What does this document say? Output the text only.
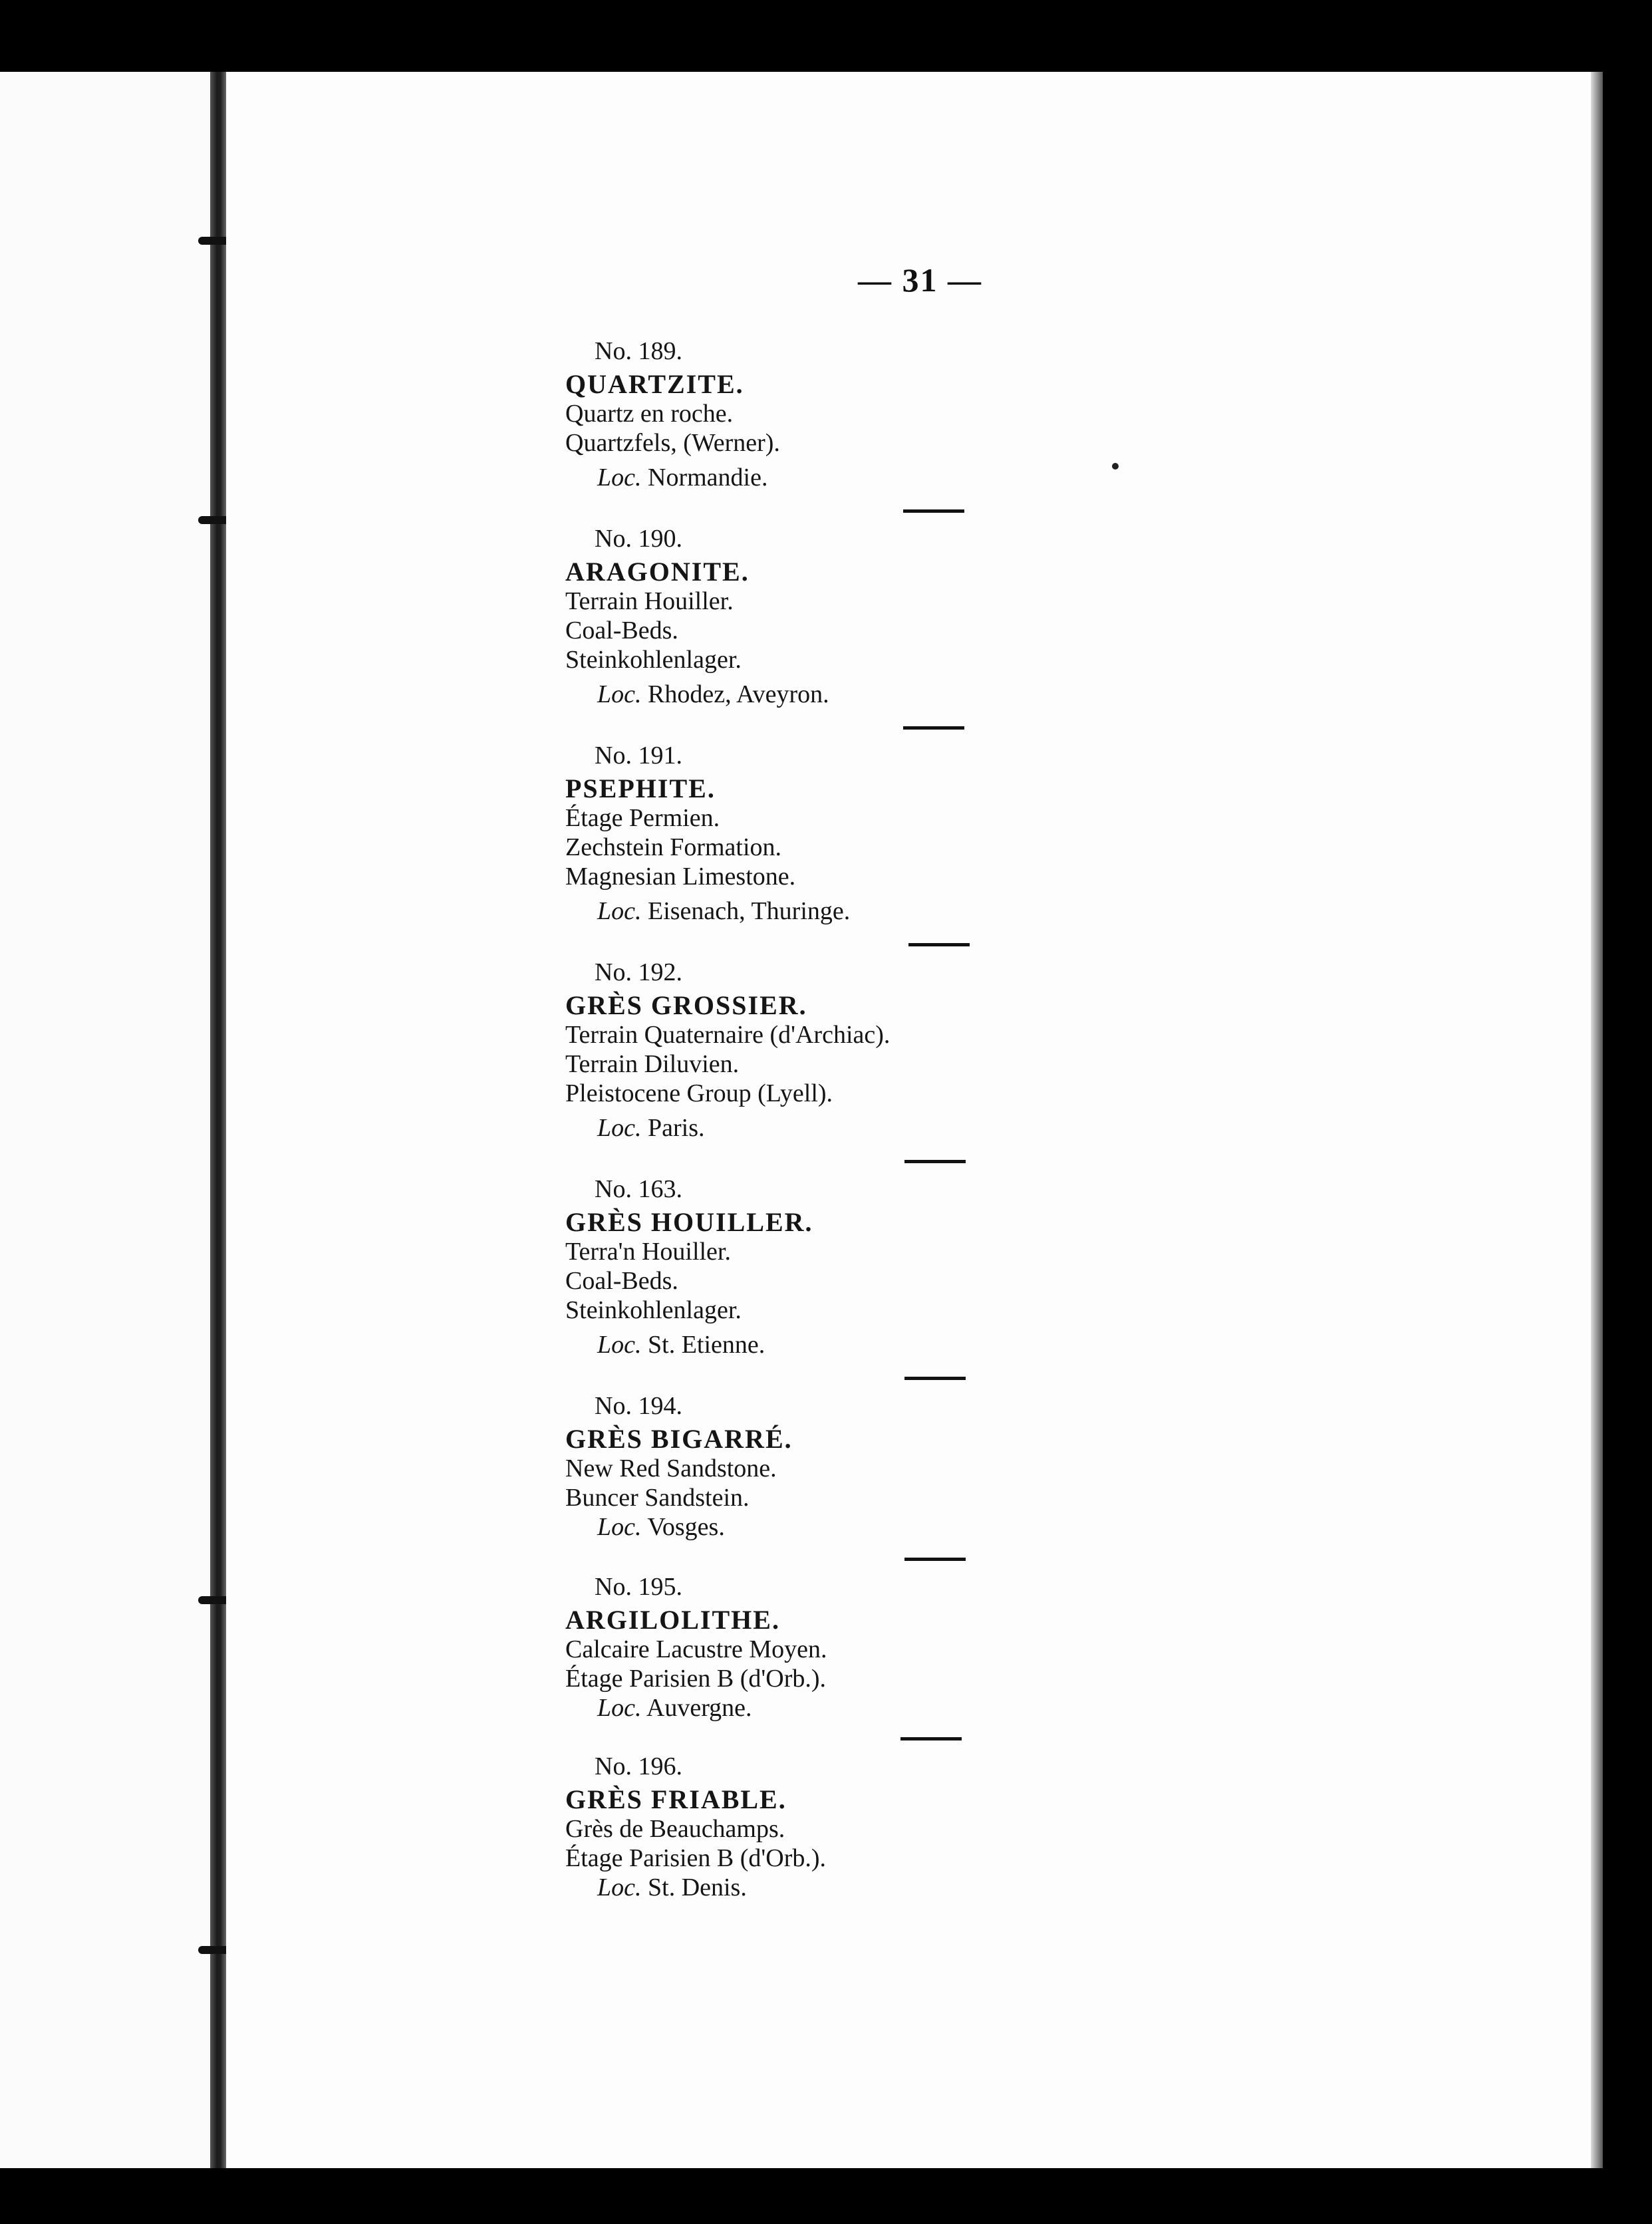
— 31 —
No. 189.
QUARTZITE.
Quartz en roche.
Quartzfels, (Werner).
Loc. Normandie.
No. 190.
ARAGONITE.
Terrain Houiller.
Coal-Beds.
Steinkohlenlager.
Loc. Rhodez, Aveyron.
No. 191.
PSEPHITE.
Étage Permien.
Zechstein Formation.
Magnesian Limestone.
Loc. Eisenach, Thuringe.
No. 192.
GRÈS GROSSIER.
Terrain Quaternaire (d'Archiac).
Terrain Diluvien.
Pleistocene Group (Lyell).
Loc. Paris.
No. 163.
GRÈS HOUILLER.
Terra'n Houiller.
Coal-Beds.
Steinkohlenlager.
Loc. St. Etienne.
No. 194.
GRÈS BIGARRÉ.
New Red Sandstone.
Buncer Sandstein.
Loc. Vosges.
No. 195.
ARGILOLITHE.
Calcaire Lacustre Moyen.
Étage Parisien B (d'Orb.).
Loc. Auvergne.
No. 196.
GRÈS FRIABLE.
Grès de Beauchamps.
Étage Parisien B (d'Orb.).
Loc. St. Denis.
